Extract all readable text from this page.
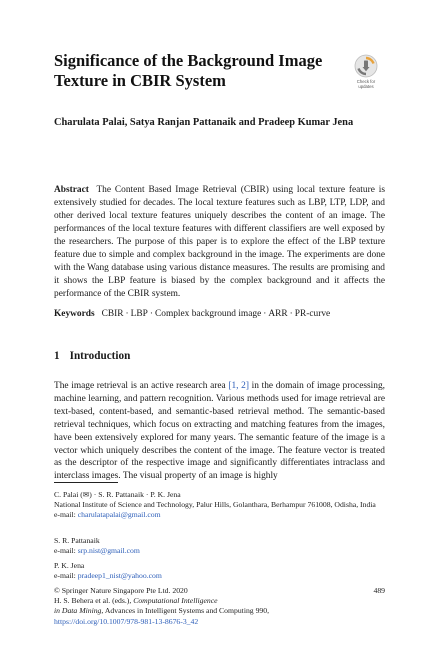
Significance of the Background Image Texture in CBIR System	Check for
updates

Charulata Palai, Satya Ranjan Pattanaik and Pradeep Kumar Jena

Abstract The Content Based Image Retrieval (CBIR) using local texture feature is extensively studied for decades. The local texture features such as LBP, LTP, LDP, and other derived local texture features uniquely describes the content of an image. The performances of the local texture features with different classifiers are well exposed by the researchers. The purpose of this paper is to explore the effect of the LBP texture feature due to simple and complex background in the image. The experiments are done with the Wang database using various distance measures. The results are promising and it shows the LBP feature is biased by the complex background and it affects the performance of the CBIR system.

Keywords CBIR · LBP · Complex background image · ARR · PR-curve

1 Introduction

The image retrieval is an active research area [1, 2] in the domain of image processing, machine learning, and pattern recognition. Various methods used for image retrieval are text-based, content-based, and semantic-based retrieval method. The semantic-based retrieval techniques, which focus on extracting and matching features from the images, have been extensively explored for many years. The semantic feature of the image is a vector which uniquely describes the content of the image. The feature vector is treated as the descriptor of the respective image and significantly differentiates intraclass and interclass images. The visual property of an image is highly

C. Palai (✉) · S. R. Pattanaik · P. K. Jena
National Institute of Science and Technology, Palur Hills, Golanthara, Berhampur 761008, Odisha, India
e-mail: charulatapalai@gmail.com

S. R. Pattanaik
e-mail: srp.nist@gmail.com

P. K. Jena
e-mail: pradeep1_nist@yahoo.com

489

© Springer Nature Singapore Pte Ltd. 2020

H. S. Behera et al. (eds.), Computational Intelligence

in Data Mining, Advances in Intelligent Systems and Computing 990,

https://doi.org/10.1007/978-981-13-8676-3_42
